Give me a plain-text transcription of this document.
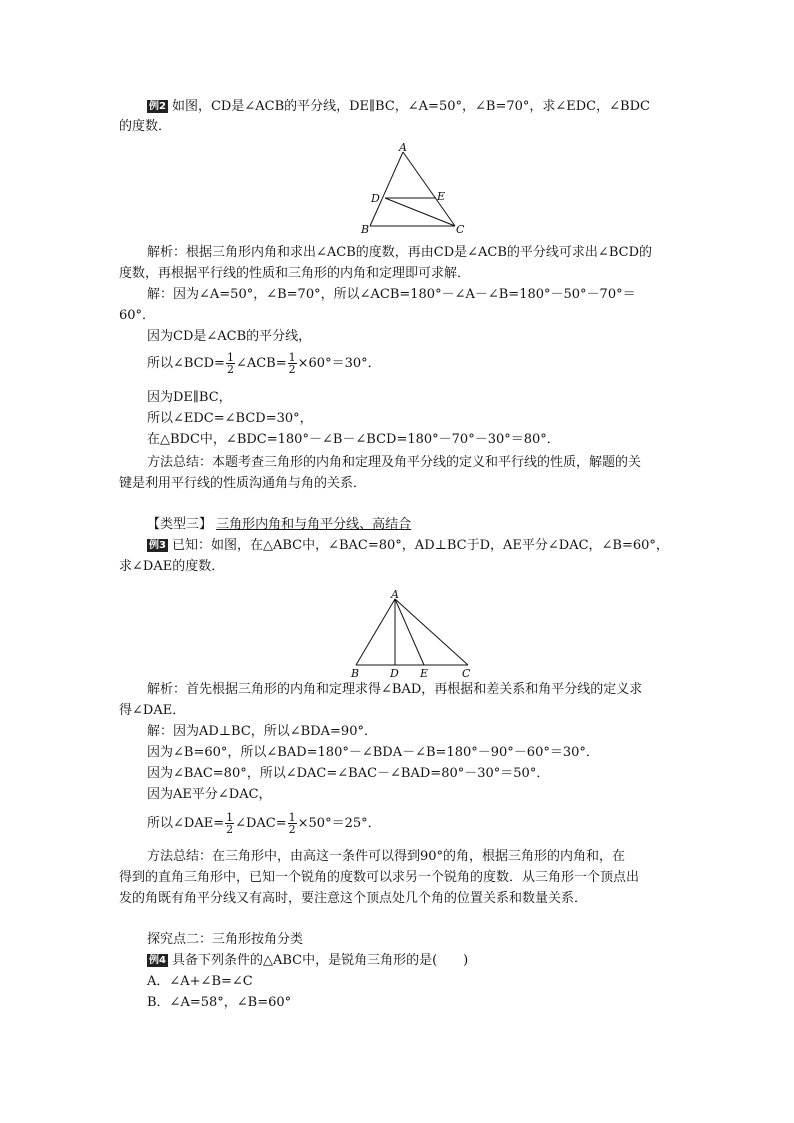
例2 如图，CD是∠ACB的平分线，DE∥BC，∠A=50°，∠B=70°，求∠EDC，∠BDC
的度数．
A
B	C
D	E
解析：根据三角形内角和求出∠ACB的度数，再由CD是∠ACB的平分线可求出∠BCD的
度数，再根据平行线的性质和三角形的内角和定理即可求解．
解：因为∠A=50°，∠B=70°，所以∠ACB=180°－∠A－∠B=180°－50°－70°＝
60°．
因为CD是∠ACB的平分线，
所以∠BCD= $\frac{1}{2}$ ∠ACB= $\frac{1}{2} \times 60^\circ=30^\circ$．
因为DE∥BC，
所以∠EDC=∠BCD=30°，
在△BDC中，∠BDC=180°－∠B－∠BCD=180°－70°－30°＝80°．
方法总结：本题考查三角形的内角和定理及角平分线的定义和平行线的性质，解题的关
键是利用平行线的性质沟通角与角的关系．
【类型三】 三角形内角和与角平分线、高结合
例3 已知：如图，在△ABC中，∠BAC=80°，AD⊥BC于D，AE平分∠DAC，∠B=60°，
求∠DAE的度数．
A
B	D E	C
解析：首先根据三角形的内角和定理求得∠BAD，再根据和差关系和角平分线的定义求
得∠DAE．
解：因为AD⊥BC，所以∠BDA=90°．
因为∠B=60°，所以∠BAD=180°－∠BDA－∠B=180°－90°－60°＝30°．
因为∠BAC=80°，所以∠DAC=∠BAC－∠BAD=80°－30°＝50°．
因为AE平分∠DAC，
所以∠DAE= $\frac{1}{2}$ ∠DAC= $\frac{1}{2} \times 50^\circ=25^\circ$．
方法总结：在三角形中，由高这一条件可以得到90°的角，根据三角形的内角和，在
得到的直角三角形中，已知一个锐角的度数可以求另一个锐角的度数．从三角形一个顶点出
发的角既有角平分线又有高时，要注意这个顶点处几个角的位置关系和数量关系．
探究点二：三角形按角分类
例4 具备下列条件的△ABC中，是锐角三角形的是(　　)
A．∠A+∠B=∠C
B．∠A=58°，∠B=60°
